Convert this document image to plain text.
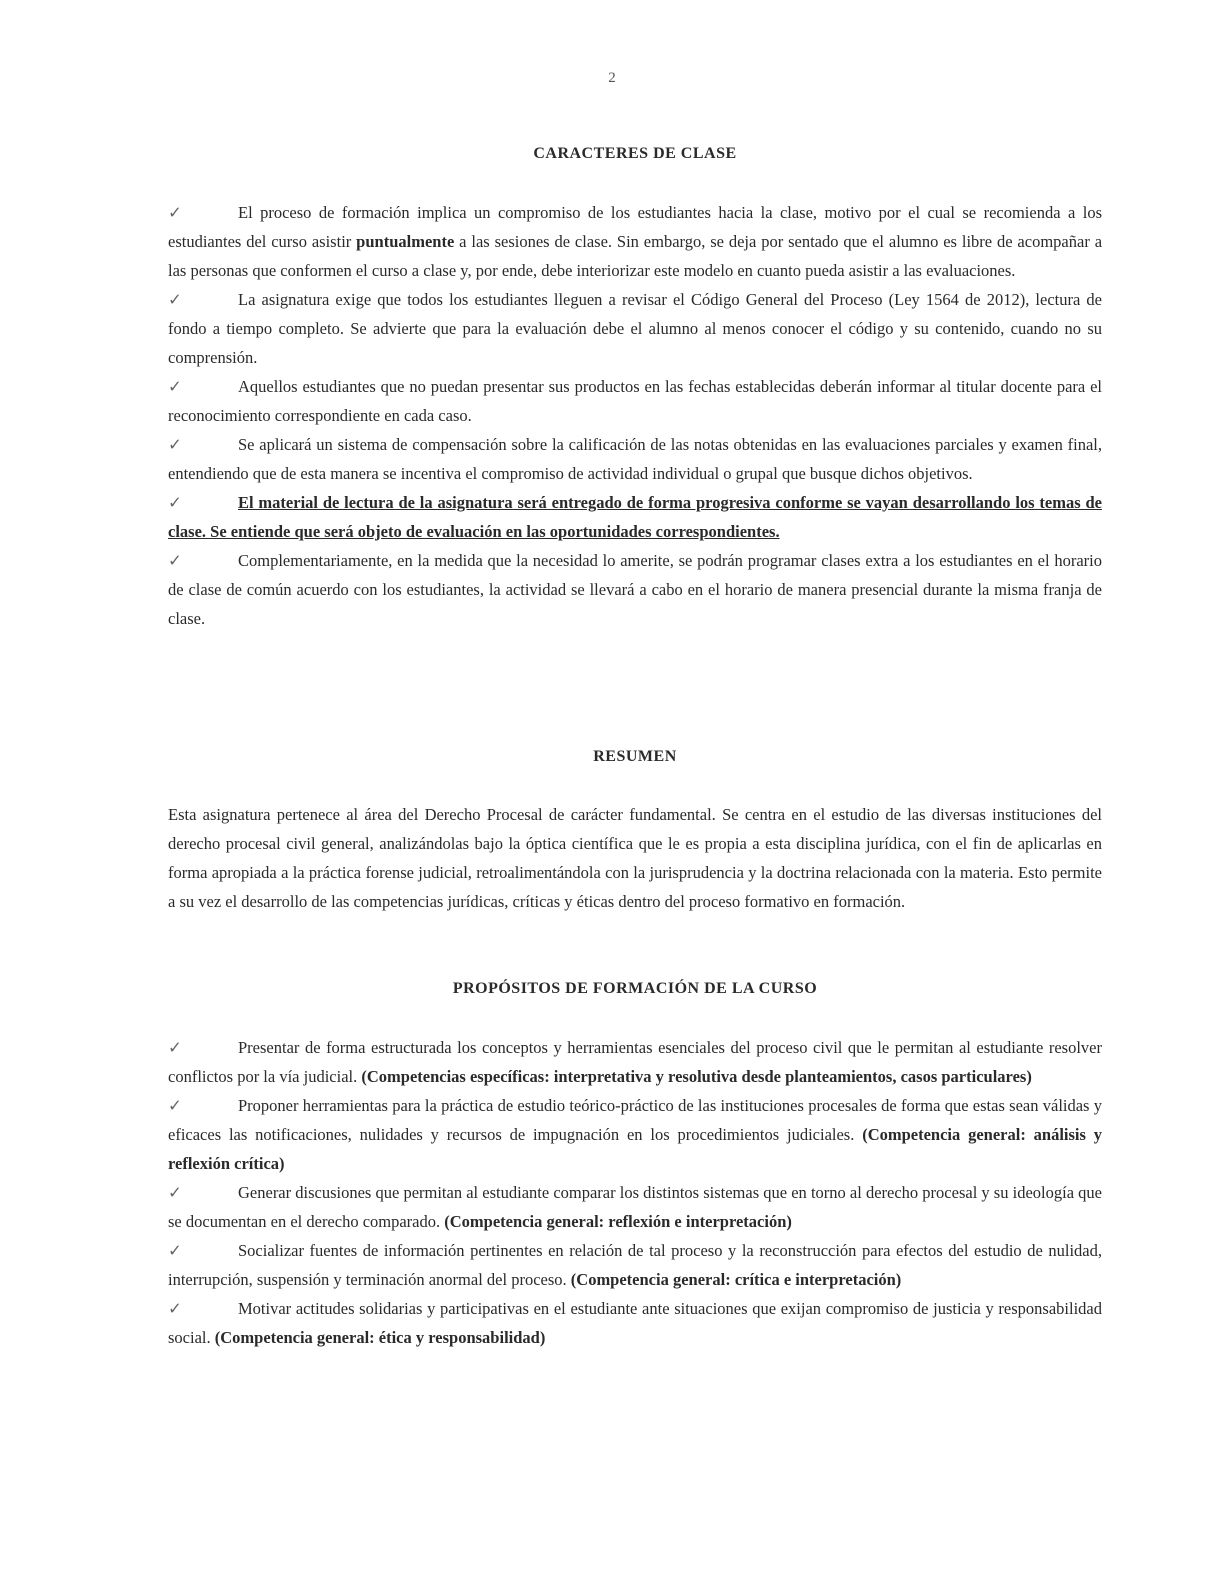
2
CARACTERES DE CLASE

✓	El proceso de formación implica un compromiso de los estudiantes hacia la clase, motivo por el cual se recomienda a los estudiantes del curso asistir puntualmente a las sesiones de clase. Sin embargo, se deja por sentado que el alumno es libre de acompañar a las personas que conformen el curso a clase y, por ende, debe interiorizar este modelo en cuanto pueda asistir a las evaluaciones.

✓	La asignatura exige que todos los estudiantes lleguen a revisar el Código General del Proceso (Ley 1564 de 2012), lectura de fondo a tiempo completo. Se advierte que para la evaluación debe el alumno al menos conocer el código y su contenido, cuando no su comprensión.

✓	Aquellos estudiantes que no puedan presentar sus productos en las fechas establecidas deberán informar al titular docente para el reconocimiento correspondiente en cada caso.

✓	Se aplicará un sistema de compensación sobre la calificación de las notas obtenidas en las evaluaciones parciales y examen final, entendiendo que de esta manera se incentiva el compromiso de actividad individual o grupal que busque dichos objetivos.

✓	El material de lectura de la asignatura será entregado de forma progresiva conforme se vayan desarrollando los temas de clase. Se entiende que será objeto de evaluación en las oportunidades correspondientes.

✓	Complementariamente, en la medida que la necesidad lo amerite, se podrán programar clases extra a los estudiantes en el horario de clase de común acuerdo con los estudiantes, la actividad se llevará a cabo en el horario de manera presencial durante la misma franja de clase.

RESUMEN

Esta asignatura pertenece al área del Derecho Procesal de carácter fundamental. Se centra en el estudio de las diversas instituciones del derecho procesal civil general, analizándolas bajo la óptica científica que le es propia a esta disciplina jurídica, con el fin de aplicarlas en forma apropiada a la práctica forense judicial, retroalimentándola con la jurisprudencia y la doctrina relacionada con la materia. Esto permite a su vez el desarrollo de las competencias jurídicas, críticas y éticas dentro del proceso formativo en formación.

PROPÓSITOS DE FORMACIÓN DE LA CURSO

✓	Presentar de forma estructurada los conceptos y herramientas esenciales del proceso civil que le permitan al estudiante resolver conflictos por la vía judicial. (Competencias específicas: interpretativa y resolutiva desde planteamientos, casos particulares)

✓	Proponer herramientas para la práctica de estudio teórico-práctico de las instituciones procesales de forma que estas sean válidas y eficaces las notificaciones, nulidades y recursos de impugnación en los procedimientos judiciales. (Competencia general: análisis y reflexión crítica)

✓	Generar discusiones que permitan al estudiante comparar los distintos sistemas que en torno al derecho procesal y su ideología que se documentan en el derecho comparado. (Competencia general: reflexión e interpretación)

✓	Socializar fuentes de información pertinentes en relación de tal proceso y la reconstrucción para efectos del estudio de nulidad, interrupción, suspensión y terminación anormal del proceso. (Competencia general: crítica e interpretación)

✓	Motivar actitudes solidarias y participativas en el estudiante ante situaciones que exijan compromiso de justicia y responsabilidad social. (Competencia general: ética y responsabilidad)
